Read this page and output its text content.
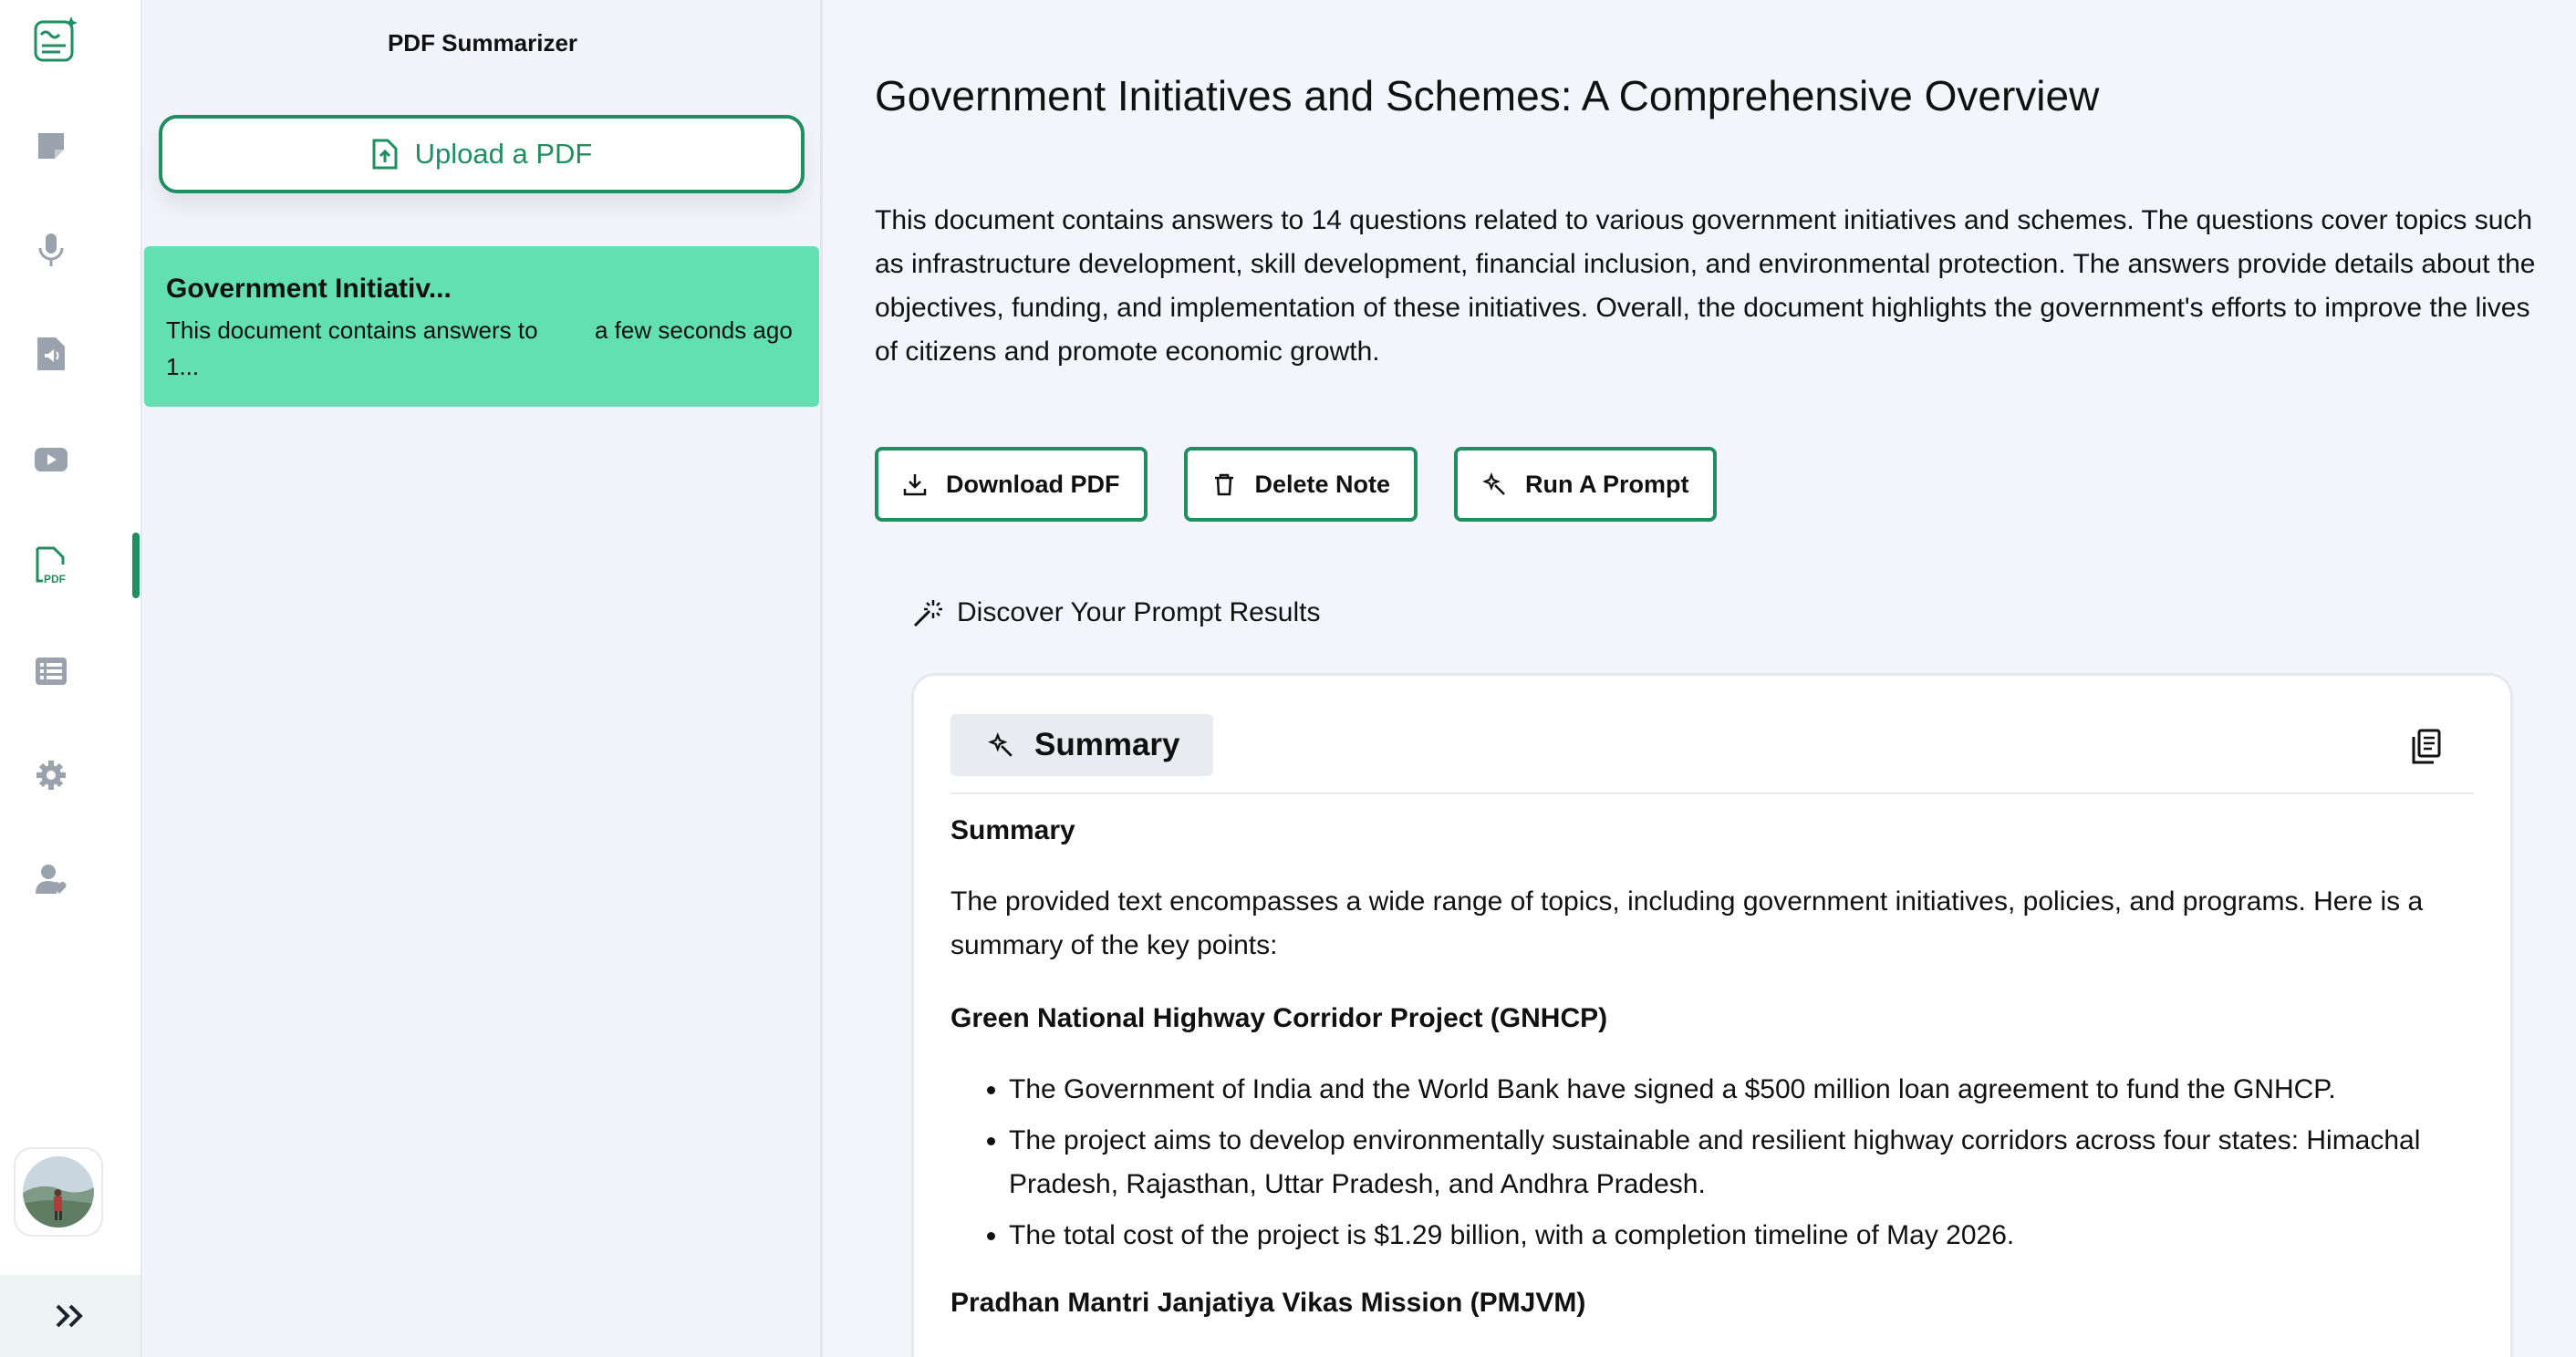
PDF
PDF Summarizer
Upload a PDF
Government Initiativ...
This document contains answers to 1...
a few seconds ago
Government Initiatives and Schemes: A Comprehensive Overview
This document contains answers to 14 questions related to various government initiatives and schemes. The questions cover topics such as infrastructure development, skill development, financial inclusion, and environmental protection. The answers provide details about the objectives, funding, and implementation of these initiatives. Overall, the document highlights the government's efforts to improve the lives of citizens and promote economic growth.
Download PDF	Delete Note	Run A Prompt
Discover Your Prompt Results
Summary
Summary

The provided text encompasses a wide range of topics, including government initiatives, policies, and programs. Here is a summary of the key points:

Green National Highway Corridor Project (GNHCP)
• The Government of India and the World Bank have signed a $500 million loan agreement to fund the GNHCP.
• The project aims to develop environmentally sustainable and resilient highway corridors across four states: Himachal Pradesh, Rajasthan, Uttar Pradesh, and Andhra Pradesh.
• The total cost of the project is $1.29 billion, with a completion timeline of May 2026.
Pradhan Mantri Janjatiya Vikas Mission (PMJVM)
